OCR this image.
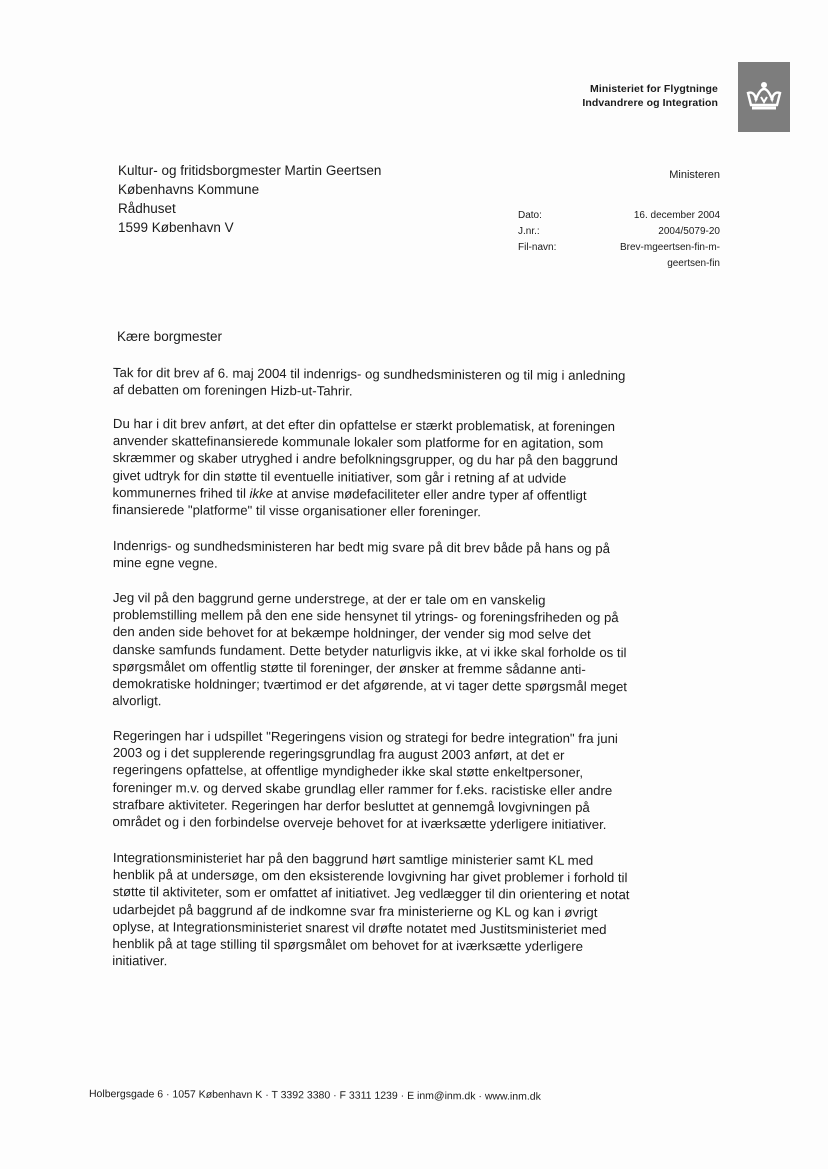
Ministeriet for Flygtninge
Indvandrere og Integration
Kultur- og fritidsborgmester Martin Geertsen
Københavns Kommune
Rådhuset
1599 København V
Ministeren
Dato:	16. december 2004
J.nr.:	2004/5079-20
Fil-navn:	Brev-mgeertsen-fin-m-
geertsen-fin
Kære borgmester

Tak for dit brev af 6. maj 2004 til indenrigs- og sundhedsministeren og til mig i anledning af debatten om foreningen Hizb-ut-Tahrir.

Du har i dit brev anført, at det efter din opfattelse er stærkt problematisk, at foreningen anvender skattefinansierede kommunale lokaler som platforme for en agitation, som skræmmer og skaber utryghed i andre befolkningsgrupper, og du har på den baggrund givet udtryk for din støtte til eventuelle initiativer, som går i retning af at udvide kommunernes frihed til ikke at anvise mødefaciliteter eller andre typer af offentligt finansierede "platforme" til visse organisationer eller foreninger.

Indenrigs- og sundhedsministeren har bedt mig svare på dit brev både på hans og på mine egne vegne.

Jeg vil på den baggrund gerne understrege, at der er tale om en vanskelig problemstilling mellem på den ene side hensynet til ytrings- og foreningsfriheden og på den anden side behovet for at bekæmpe holdninger, der vender sig mod selve det danske samfunds fundament. Dette betyder naturligvis ikke, at vi ikke skal forholde os til spørgsmålet om offentlig støtte til foreninger, der ønsker at fremme sådanne anti-demokratiske holdninger; tværtimod er det afgørende, at vi tager dette spørgsmål meget alvorligt.

Regeringen har i udspillet "Regeringens vision og strategi for bedre integration" fra juni 2003 og i det supplerende regeringsgrundlag fra august 2003 anført, at det er regeringens opfattelse, at offentlige myndigheder ikke skal støtte enkeltpersoner, foreninger m.v. og derved skabe grundlag eller rammer for f.eks. racistiske eller andre strafbare aktiviteter. Regeringen har derfor besluttet at gennemgå lovgivningen på området og i den forbindelse overveje behovet for at iværksætte yderligere initiativer.

Integrationsministeriet har på den baggrund hørt samtlige ministerier samt KL med henblik på at undersøge, om den eksisterende lovgivning har givet problemer i forhold til støtte til aktiviteter, som er omfattet af initiativet. Jeg vedlægger til din orientering et notat udarbejdet på baggrund af de indkomne svar fra ministerierne og KL og kan i øvrigt oplyse, at Integrationsministeriet snarest vil drøfte notatet med Justitsministeriet med henblik på at tage stilling til spørgsmålet om behovet for at iværksætte yderligere initiativer.

Holbergsgade 6 · 1057 København K · T 3392 3380 · F 3311 1239 · E inm@inm.dk · www.inm.dk
